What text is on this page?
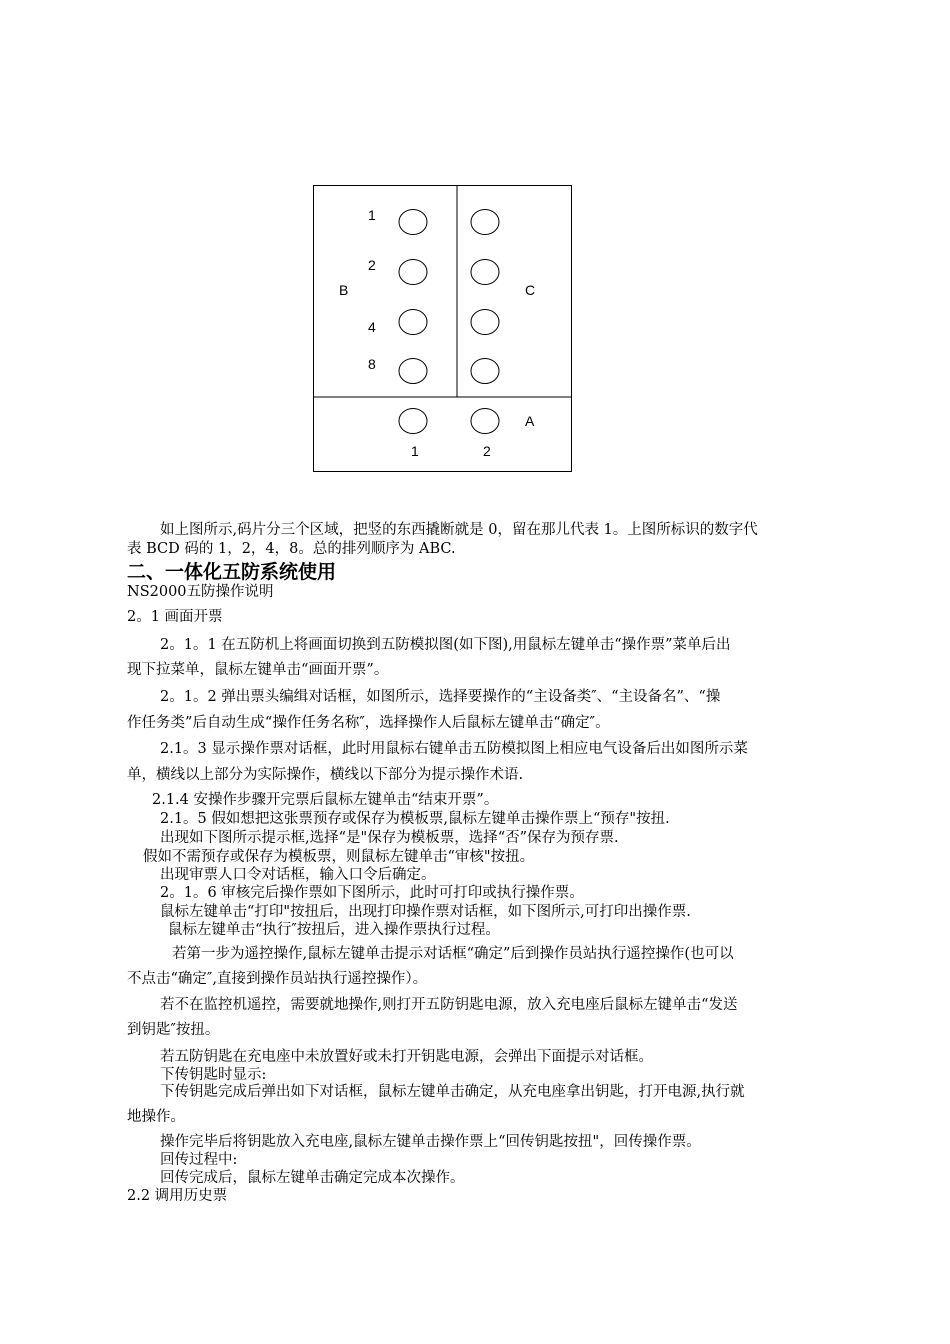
B	C
A
1
2
4
8
1	2
如上图所示,码片分三个区域，把竖的东西撬断就是 0，留在那儿代表 1。上图所标识的数字代
表 BCD 码的 1，2，4，8。总的排列顺序为 ABC.
二、一体化五防系统使用
NS2000五防操作说明
2。1 画面开票
2。1。1 在五防机上将画面切换到五防模拟图(如下图),用鼠标左键单击“操作票”菜单后出
现下拉菜单，鼠标左键单击“画面开票”。
2。1。2 弹出票头编缉对话框，如图所示，选择要操作的“主设备类″、“主设备名”、“操
作任务类”后自动生成“操作任务名称″，选择操作人后鼠标左键单击“确定″。
2.1。3 显示操作票对话框，此时用鼠标右键单击五防模拟图上相应电气设备后出如图所示菜
单，横线以上部分为实际操作，横线以下部分为提示操作术语.
2.1.4 安操作步骤开完票后鼠标左键单击“结束开票”。
2.1。5 假如想把这张票预存或保存为模板票,鼠标左键单击操作票上“预存"按扭.
出现如下图所示提示框,选择“是"保存为模板票，选择“否”保存为预存票.
假如不需预存或保存为模板票，则鼠标左键单击“审核"按扭。
出现审票人口令对话框，输入口令后确定。
2。1。6 审核完后操作票如下图所示，此时可打印或执行操作票。
鼠标左键单击“打印"按扭后，出现打印操作票对话框，如下图所示,可打印出操作票.
鼠标左键单击“执行″按扭后，进入操作票执行过程。
若第一步为遥控操作,鼠标左键单击提示对话框“确定”后到操作员站执行遥控操作(也可以
不点击“确定″,直接到操作员站执行遥控操作）。
若不在监控机遥控，需要就地操作,则打开五防钥匙电源，放入充电座后鼠标左键单击“发送
到钥匙″按扭。
若五防钥匙在充电座中未放置好或未打开钥匙电源，会弹出下面提示对话框。
下传钥匙时显示:
下传钥匙完成后弹出如下对话框，鼠标左键单击确定，从充电座拿出钥匙，打开电源,执行就
地操作。
操作完毕后将钥匙放入充电座,鼠标左键单击操作票上“回传钥匙按扭"，回传操作票。
回传过程中:
回传完成后，鼠标左键单击确定完成本次操作。
2.2 调用历史票
